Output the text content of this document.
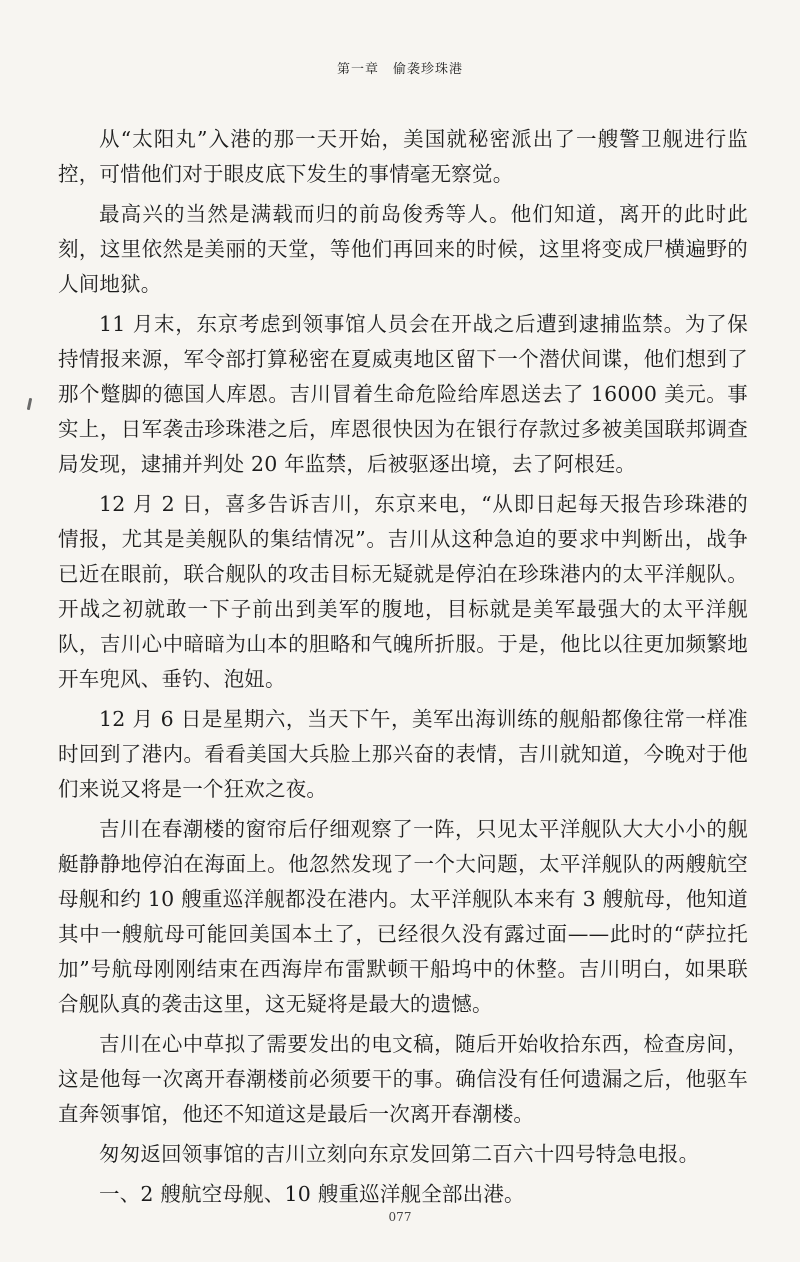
第一章　偷袭珍珠港

从“太阳丸”入港的那一天开始，美国就秘密派出了一艘警卫舰进行监控，可惜他们对于眼皮底下发生的事情毫无察觉。

最高兴的当然是满载而归的前岛俊秀等人。他们知道，离开的此时此刻，这里依然是美丽的天堂，等他们再回来的时候，这里将变成尸横遍野的人间地狱。

11 月末，东京考虑到领事馆人员会在开战之后遭到逮捕监禁。为了保持情报来源，军令部打算秘密在夏威夷地区留下一个潜伏间谍，他们想到了那个蹩脚的德国人库恩。吉川冒着生命危险给库恩送去了 16000 美元。事实上，日军袭击珍珠港之后，库恩很快因为在银行存款过多被美国联邦调查局发现，逮捕并判处 20 年监禁，后被驱逐出境，去了阿根廷。

12 月 2 日，喜多告诉吉川，东京来电，“从即日起每天报告珍珠港的情报，尤其是美舰队的集结情况”。吉川从这种急迫的要求中判断出，战争已近在眼前，联合舰队的攻击目标无疑就是停泊在珍珠港内的太平洋舰队。开战之初就敢一下子前出到美军的腹地，目标就是美军最强大的太平洋舰队，吉川心中暗暗为山本的胆略和气魄所折服。于是，他比以往更加频繁地开车兜风、垂钓、泡妞。

12 月 6 日是星期六，当天下午，美军出海训练的舰船都像往常一样准时回到了港内。看看美国大兵脸上那兴奋的表情，吉川就知道，今晚对于他们来说又将是一个狂欢之夜。

吉川在春潮楼的窗帘后仔细观察了一阵，只见太平洋舰队大大小小的舰艇静静地停泊在海面上。他忽然发现了一个大问题，太平洋舰队的两艘航空母舰和约 10 艘重巡洋舰都没在港内。太平洋舰队本来有 3 艘航母，他知道其中一艘航母可能回美国本土了，已经很久没有露过面——此时的“萨拉托加”号航母刚刚结束在西海岸布雷默顿干船坞中的休整。吉川明白，如果联合舰队真的袭击这里，这无疑将是最大的遗憾。

吉川在心中草拟了需要发出的电文稿，随后开始收拾东西，检查房间，这是他每一次离开春潮楼前必须要干的事。确信没有任何遗漏之后，他驱车直奔领事馆，他还不知道这是最后一次离开春潮楼。

匆匆返回领事馆的吉川立刻向东京发回第二百六十四号特急电报。

一、2 艘航空母舰、10 艘重巡洋舰全部出港。

077
